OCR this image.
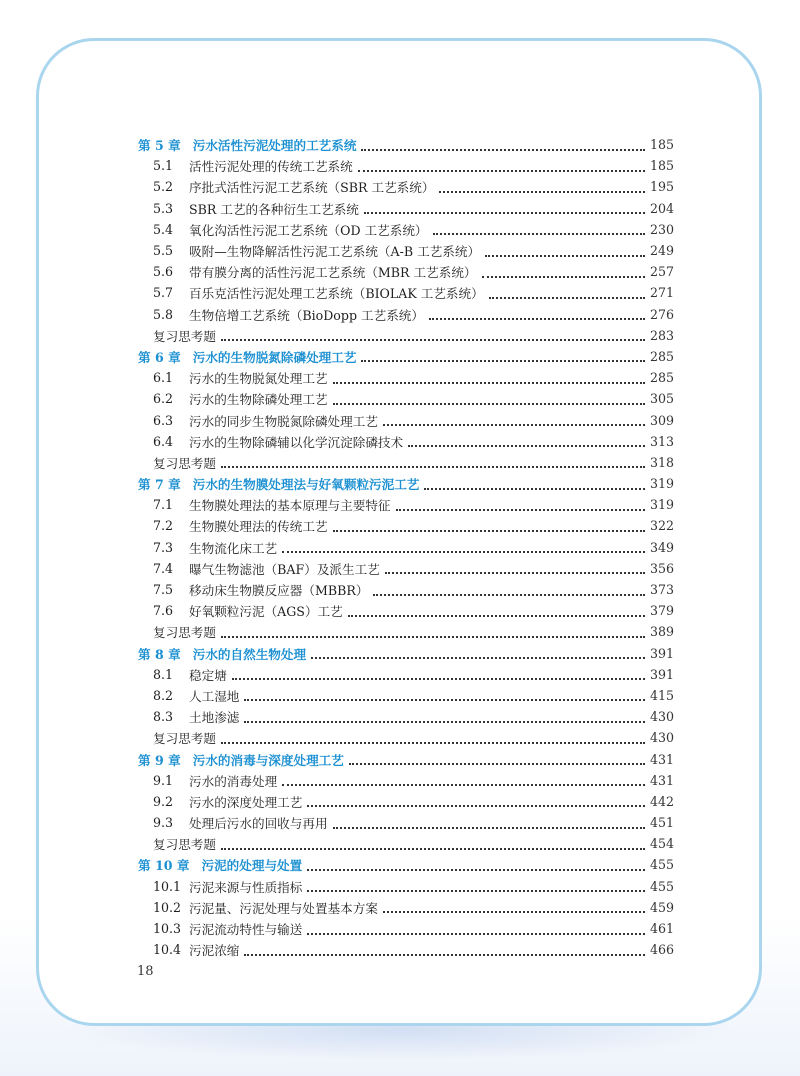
第 5 章 污水活性污泥处理的工艺系统	185
5.1	活性污泥处理的传统工艺系统	185
5.2	序批式活性污泥工艺系统（SBR 工艺系统）	195
5.3	SBR 工艺的各种衍生工艺系统	204
5.4	氧化沟活性污泥工艺系统（OD 工艺系统）	230
5.5	吸附—生物降解活性污泥工艺系统（A-B 工艺系统）	249
5.6	带有膜分离的活性污泥工艺系统（MBR 工艺系统）	257
5.7	百乐克活性污泥处理工艺系统（BIOLAK 工艺系统）	271
5.8	生物倍增工艺系统（BioDopp 工艺系统）	276
复习思考题	283
第 6 章 污水的生物脱氮除磷处理工艺	285
6.1	污水的生物脱氮处理工艺	285
6.2	污水的生物除磷处理工艺	305
6.3	污水的同步生物脱氮除磷处理工艺	309
6.4	污水的生物除磷辅以化学沉淀除磷技术	313
复习思考题	318
第 7 章 污水的生物膜处理法与好氧颗粒污泥工艺	319
7.1	生物膜处理法的基本原理与主要特征	319
7.2	生物膜处理法的传统工艺	322
7.3	生物流化床工艺	349
7.4	曝气生物滤池（BAF）及派生工艺	356
7.5	移动床生物膜反应器（MBBR）	373
7.6	好氧颗粒污泥（AGS）工艺	379
复习思考题	389
第 8 章 污水的自然生物处理	391
8.1	稳定塘	391
8.2	人工湿地	415
8.3	土地渗滤	430
复习思考题	430
第 9 章 污水的消毒与深度处理工艺	431
9.1	污水的消毒处理	431
9.2	污水的深度处理工艺	442
9.3	处理后污水的回收与再用	451
复习思考题	454
第 10 章 污泥的处理与处置	455
10.1 污泥来源与性质指标	455
10.2 污泥量、污泥处理与处置基本方案	459
10.3 污泥流动特性与输送	461
10.4 污泥浓缩	466
18
